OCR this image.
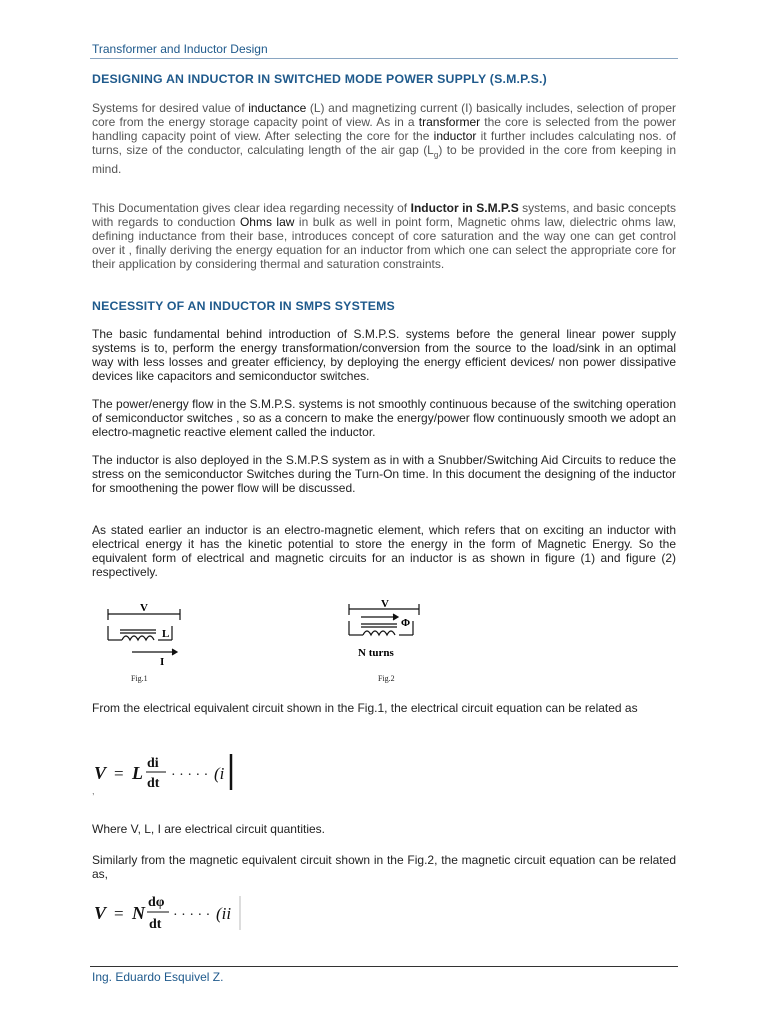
Transformer and Inductor Design
DESIGNING AN INDUCTOR IN SWITCHED MODE POWER SUPPLY (S.M.P.S.)
Systems for desired value of inductance (L) and magnetizing current (I) basically includes, selection of proper core from the energy storage capacity point of view. As in a transformer the core is selected from the power handling capacity point of view. After selecting the core for the inductor it further includes calculating nos. of turns, size of the conductor, calculating length of the air gap $(L_g)$ to be provided in the core from keeping in mind.
This Documentation gives clear idea regarding necessity of Inductor in S.M.P.S systems, and basic concepts with regards to conduction Ohms law in bulk as well in point form, Magnetic ohms law, dielectric ohms law, defining inductance from their base, introduces concept of core saturation and the way one can get control over it , finally deriving the energy equation for an inductor from which one can select the appropriate core for their application by considering thermal and saturation constraints.
NECESSITY OF AN INDUCTOR IN SMPS SYSTEMS
The basic fundamental behind introduction of S.M.P.S. systems before the general linear power supply systems is to, perform the energy transformation/conversion from the source to the load/sink in an optimal way with less losses and greater efficiency, by deploying the energy efficient devices/ non power dissipative devices like capacitors and semiconductor switches.
The power/energy flow in the S.M.P.S. systems is not smoothly continuous because of the switching operation of semiconductor switches , so as a concern to make the energy/power flow continuously smooth we adopt an electro-magnetic reactive element called the inductor.
The inductor is also deployed in the S.M.P.S system as in with a Snubber/Switching Aid Circuits to reduce the stress on the semiconductor Switches during the Turn-On time. In this document the designing of the inductor for smoothening the power flow will be discussed.
As stated earlier an inductor is an electro-magnetic element, which refers that on exciting an inductor with electrical energy it has the kinetic potential to store the energy in the form of Magnetic Energy. So the equivalent form of electrical and magnetic circuits for an inductor is as shown in figure (1) and figure (2) respectively.
V
L
I
Fig.1
V
Φ
N turns
Fig.2
From the electrical equivalent circuit shown in the Fig.1, the electrical circuit equation can be related as
V = L di
dt
· · · · · (i
,
Where V, L, I are electrical circuit quantities.
Similarly from the magnetic equivalent circuit shown in the Fig.2, the magnetic circuit equation can be related as,
V = N
dφ
dt
· · · · · (ii
Ing. Eduardo Esquivel Z.
